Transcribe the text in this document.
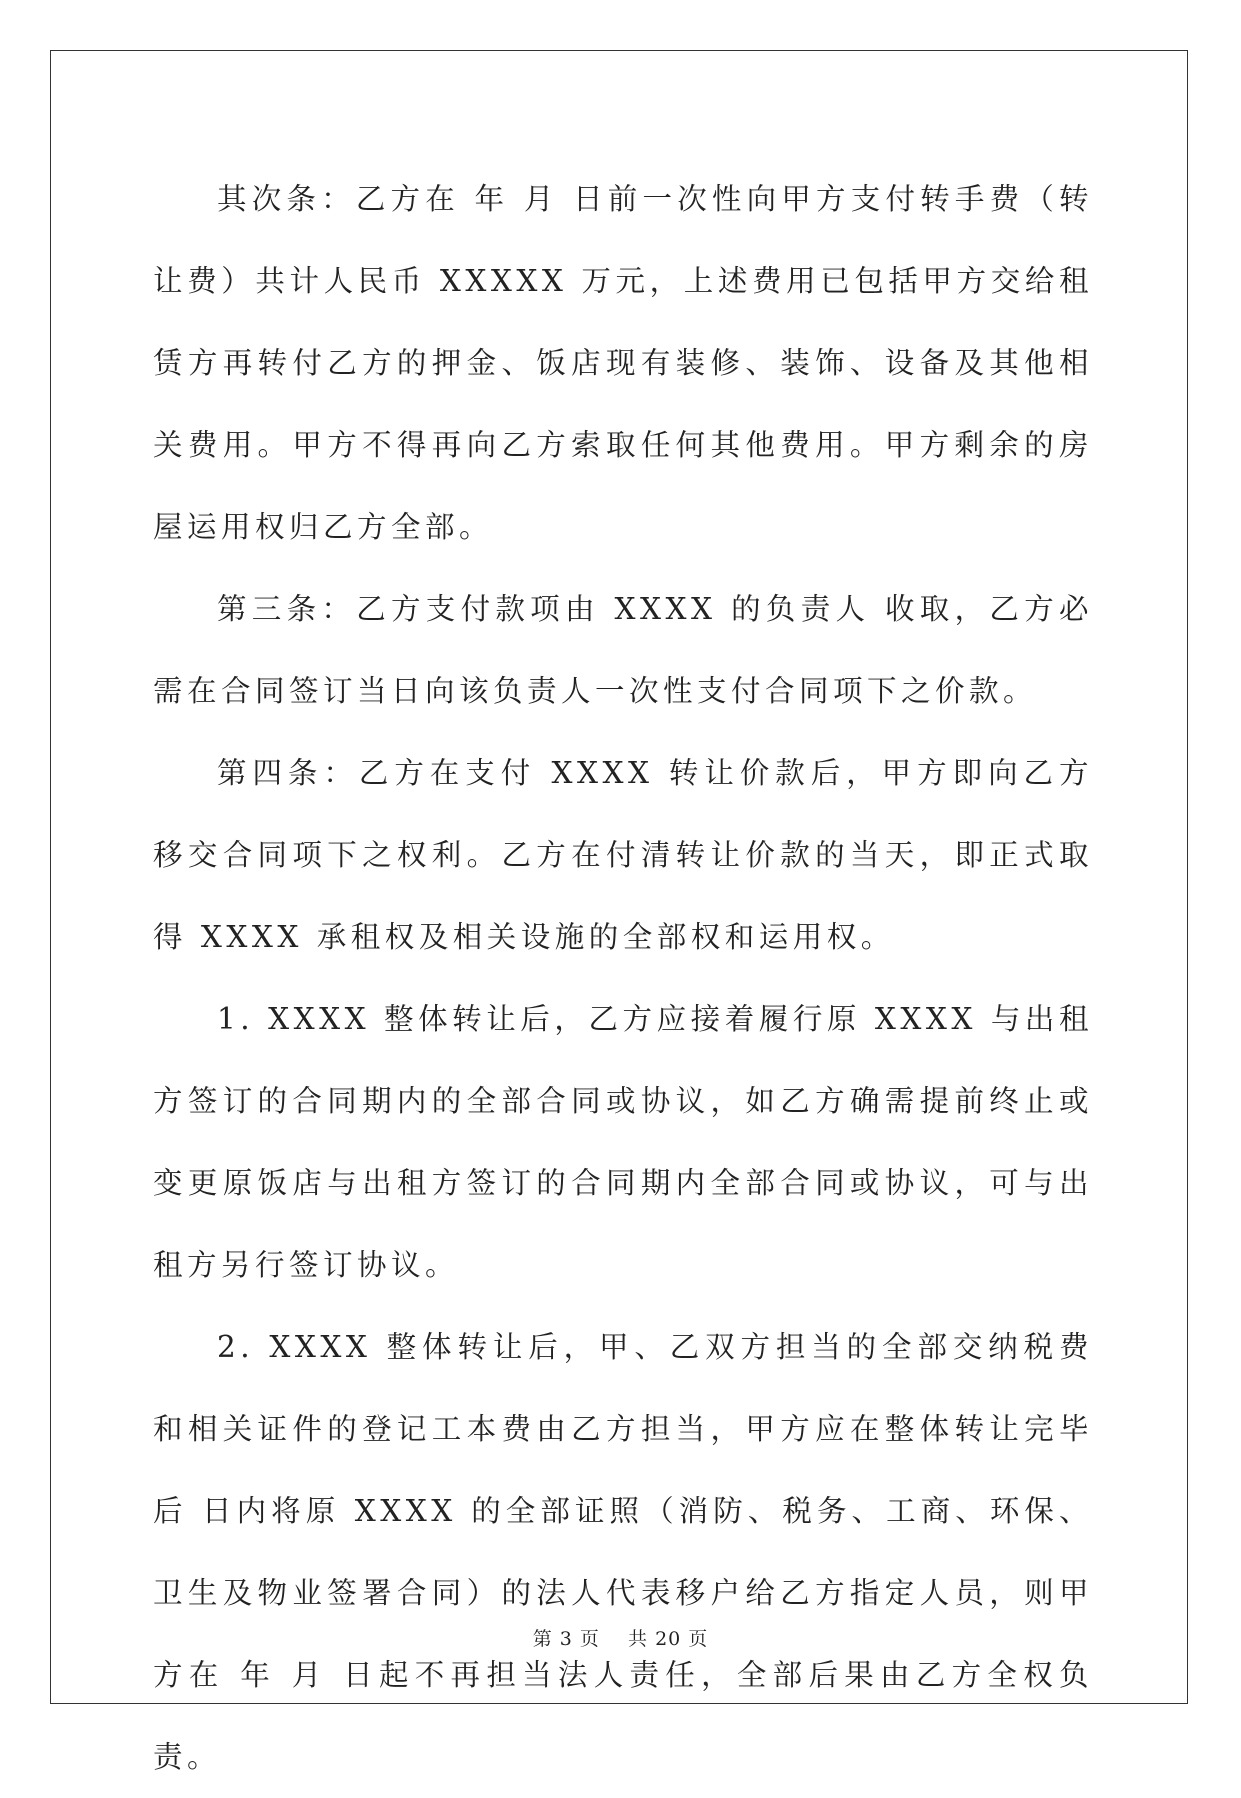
其次条：乙方在 年 月 日前一次性向甲方支付转手费（转让费）共计人民币 XXXXX 万元，上述费用已包括甲方交给租赁方再转付乙方的押金、饭店现有装修、装饰、设备及其他相关费用。甲方不得再向乙方索取任何其他费用。甲方剩余的房屋运用权归乙方全部。

第三条：乙方支付款项由 XXXX 的负责人 收取，乙方必需在合同签订当日向该负责人一次性支付合同项下之价款。

第四条：乙方在支付 XXXX 转让价款后，甲方即向乙方移交合同项下之权利。乙方在付清转让价款的当天，即正式取得 XXXX 承租权及相关设施的全部权和运用权。

1. XXXX 整体转让后，乙方应接着履行原 XXXX 与出租方签订的合同期内的全部合同或协议，如乙方确需提前终止或变更原饭店与出租方签订的合同期内全部合同或协议，可与出租方另行签订协议。

2. XXXX 整体转让后，甲、乙双方担当的全部交纳税费和相关证件的登记工本费由乙方担当，甲方应在整体转让完毕后 日内将原 XXXX 的全部证照（消防、税务、工商、环保、卫生及物业签署合同）的法人代表移户给乙方指定人员，则甲方在 年 月 日起不再担当法人责任，全部后果由乙方全权负责。

第 3 页 共 20 页
